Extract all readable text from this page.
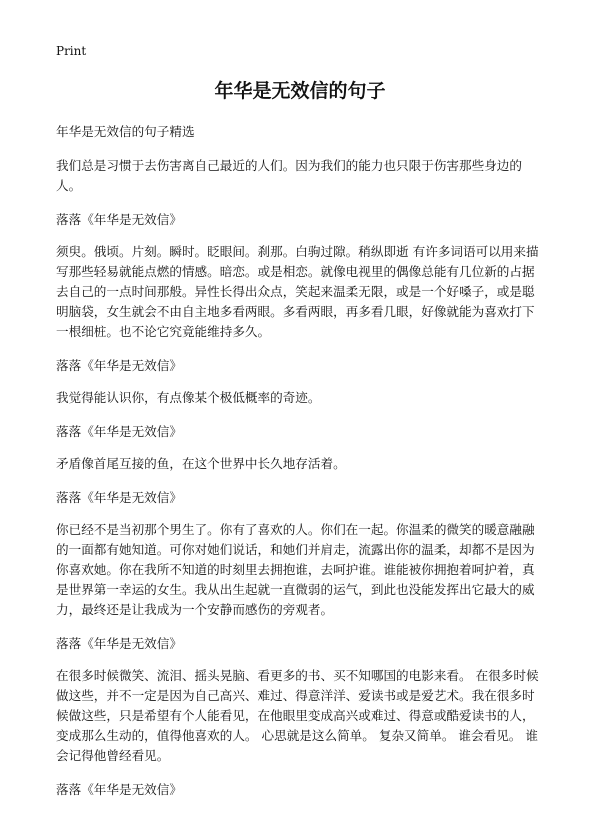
Print
年华是无效信的句子
年华是无效信的句子精选
我们总是习惯于去伤害离自己最近的人们。因为我们的能力也只限于伤害那些身边的人。
落落《年华是无效信》
须臾。俄顷。片刻。瞬时。眨眼间。刹那。白驹过隙。稍纵即逝 有许多词语可以用来描写那些轻易就能点燃的情感。暗恋。或是相恋。就像电视里的偶像总能有几位新的占据去自己的一点时间那般。异性长得出众点，笑起来温柔无限，或是一个好嗓子，或是聪明脑袋，女生就会不由自主地多看两眼。多看两眼，再多看几眼，好像就能为喜欢打下一根细桩。也不论它究竟能维持多久。
落落《年华是无效信》
我觉得能认识你，有点像某个极低概率的奇迹。
落落《年华是无效信》
矛盾像首尾互接的鱼，在这个世界中长久地存活着。
落落《年华是无效信》
你已经不是当初那个男生了。你有了喜欢的人。你们在一起。你温柔的微笑的暖意融融的一面都有她知道。可你对她们说话，和她们并肩走，流露出你的温柔，却都不是因为你喜欢她。你在我所不知道的时刻里去拥抱谁，去呵护谁。谁能被你拥抱着呵护着，真是世界第一幸运的女生。我从出生起就一直微弱的运气，到此也没能发挥出它最大的威力，最终还是让我成为一个安静而感伤的旁观者。
落落《年华是无效信》
在很多时候微笑、流泪、摇头晃脑、看更多的书、买不知哪国的电影来看。 在很多时候做这些，并不一定是因为自己高兴、难过、得意洋洋、爱读书或是爱艺术。我在很多时候做这些，只是希望有个人能看见，在他眼里变成高兴或难过、得意或酷爱读书的人，变成那么生动的，值得他喜欢的人。 心思就是这么简单。 复杂又简单。 谁会看见。 谁会记得他曾经看见。
落落《年华是无效信》
